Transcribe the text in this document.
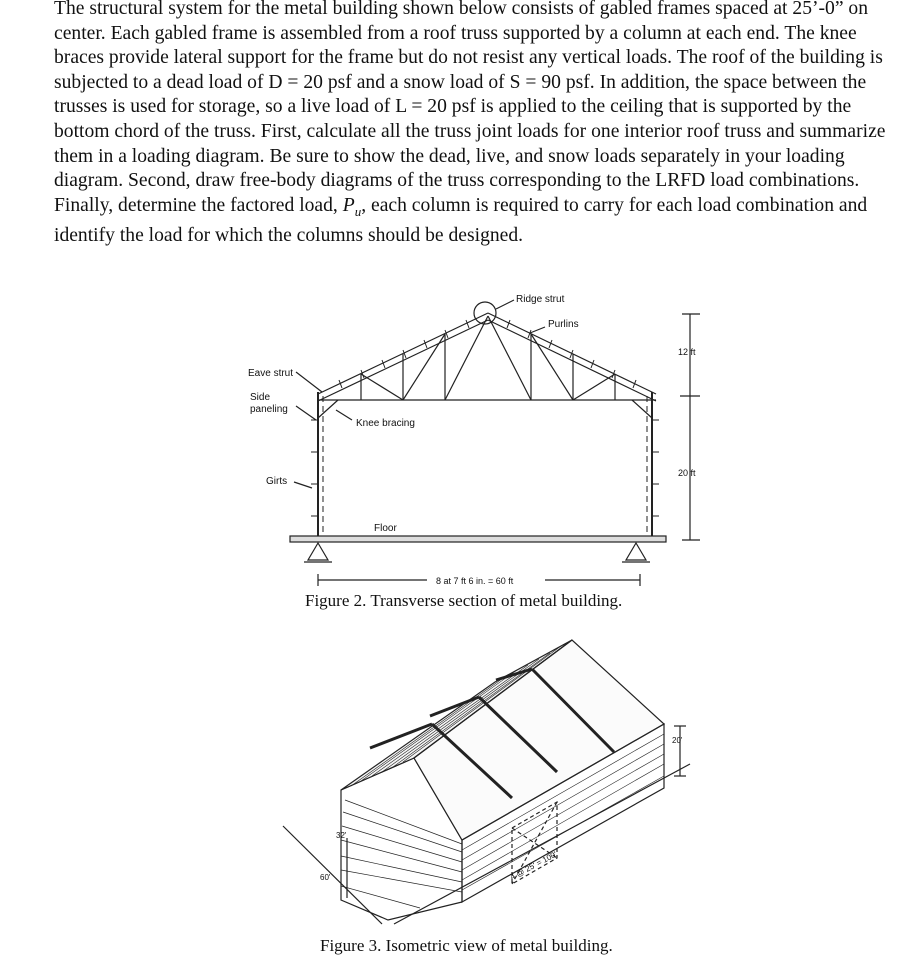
The structural system for the metal building shown below consists of gabled frames spaced at 25’-0” on center. Each gabled frame is assembled from a roof truss supported by a column at each end. The knee braces provide lateral support for the frame but do not resist any vertical loads. The roof of the building is subjected to a dead load of D = 20 psf and a snow load of S = 90 psf. In addition, the space between the trusses is used for storage, so a live load of L = 20 psf is applied to the ceiling that is supported by the bottom chord of the truss. First, calculate all the truss joint loads for one interior roof truss and summarize them in a loading diagram. Be sure to show the dead, live, and snow loads separately in your loading diagram. Second, draw free-body diagrams of the truss corresponding to the LRFD load combinations. Finally, determine the factored load, $P_u$, each column is required to carry for each load combination and identify the load for which the columns should be designed.

Ridge strut
Purlins
Eave strut
Side
paneling
Knee bracing
Girts
Floor
12 ft
20 ft
8 at 7 ft 6 in. = 60 ft
Figure 2. Transverse section of metal building.
20'
32'
60'	4 @ 25' = 100'
Figure 3. Isometric view of metal building.
